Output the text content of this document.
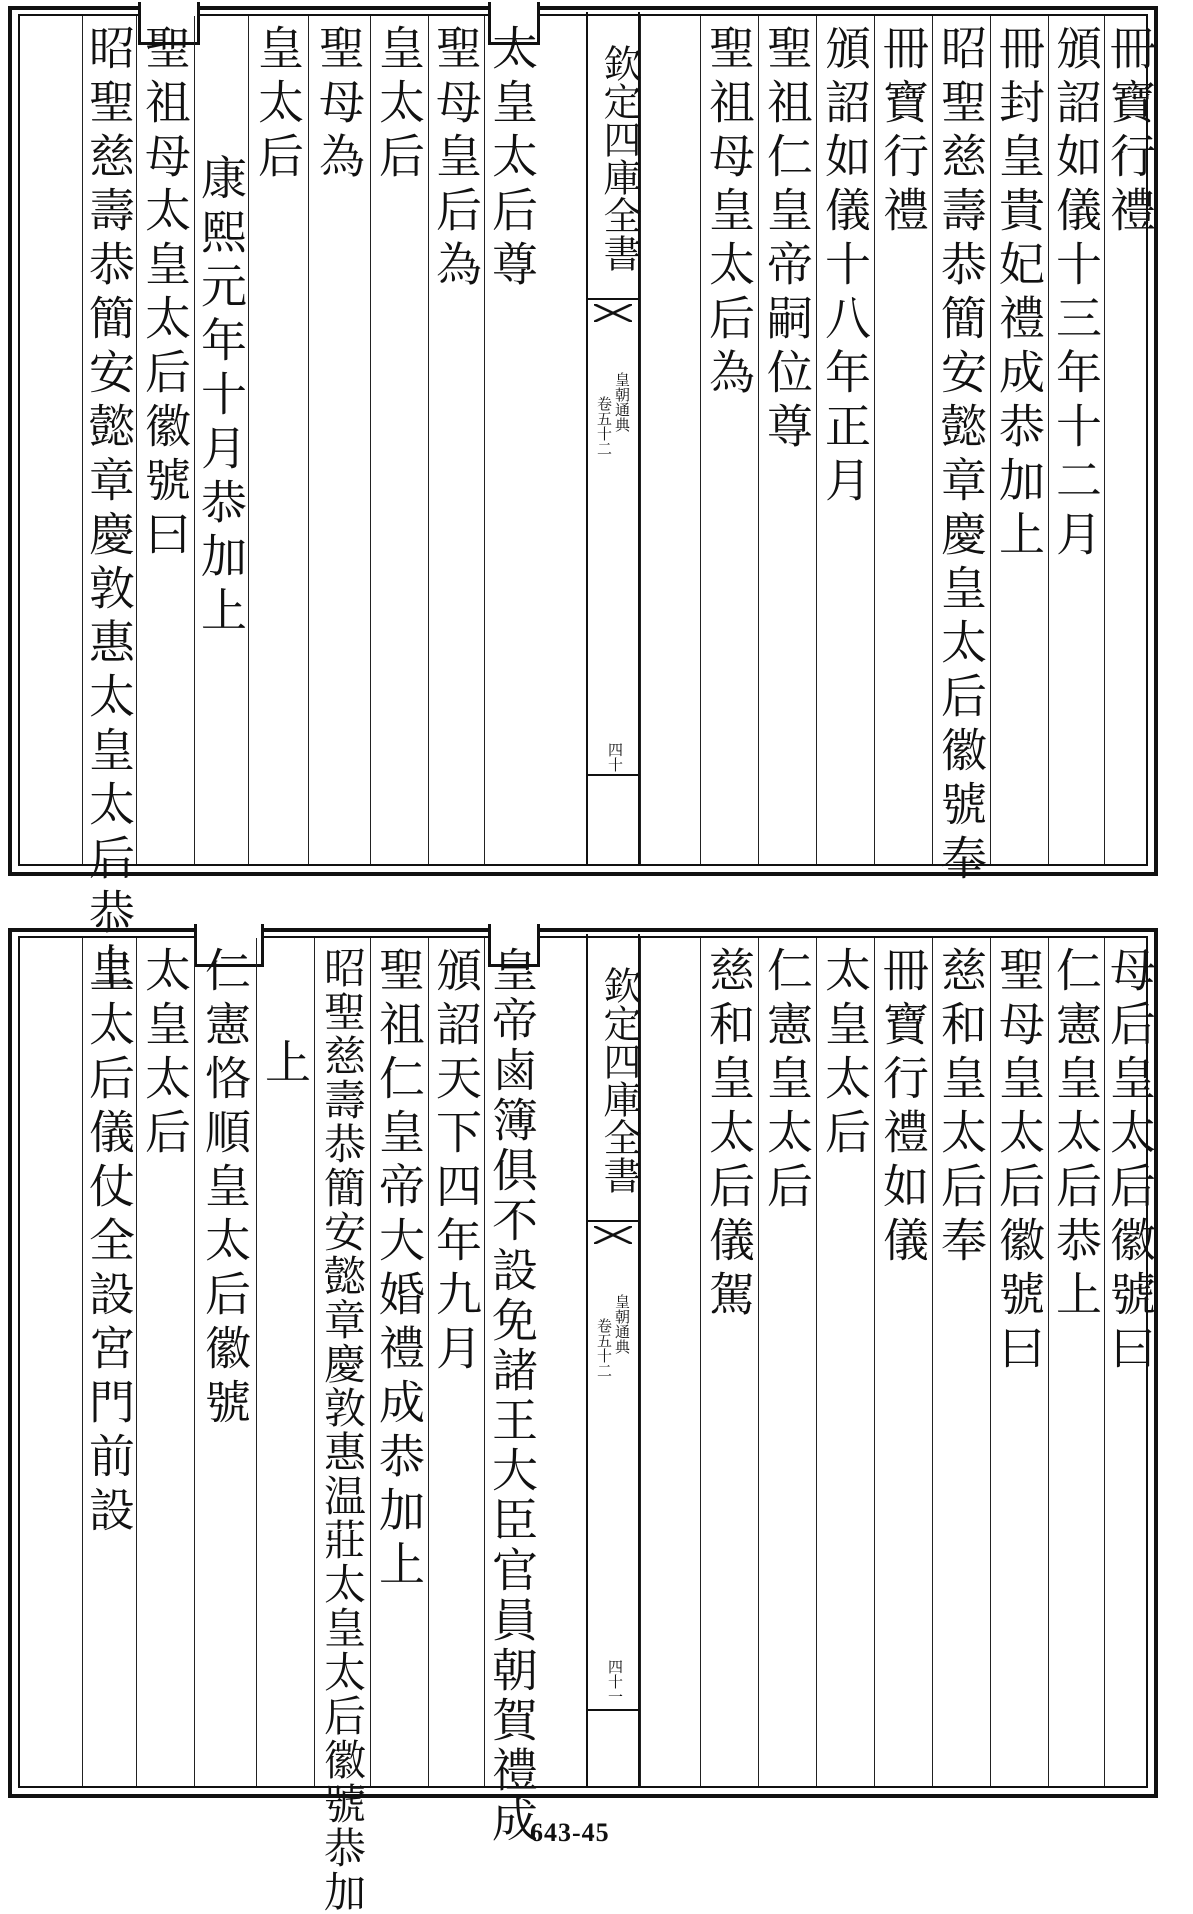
冊寶行禮
頒詔如儀十三年十二月
冊封皇貴妃禮成恭加上
昭聖慈壽恭簡安懿章慶皇太后徽號奉
冊寶行禮
頒詔如儀十八年正月
聖祖仁皇帝嗣位尊
聖祖母皇太后為
欽定四庫全書
皇朝通典
卷五十二
四十
太皇太后尊
聖母皇后為
皇太后
聖母為
皇太后
康熙元年十月恭加上
聖祖母太皇太后徽號曰
昭聖慈壽恭簡安懿章慶敦惠太皇太后恭上
母后皇太后徽號曰
仁憲皇太后恭上
聖母皇太后徽號曰
慈和皇太后奉
冊寶行禮如儀
太皇太后
仁憲皇太后
慈和皇太后儀駕
欽定四庫全書
皇朝通典
卷五十二
四十一
皇帝鹵簿俱不設免諸王大臣官員朝賀禮成
頒詔天下四年九月
聖祖仁皇帝大婚禮成恭加上
昭聖慈壽恭簡安懿章慶敦惠温莊太皇太后徽號恭加
上
仁憲恪順皇太后徽號
太皇太后
皇太后儀仗全設宮門前設
643-45
